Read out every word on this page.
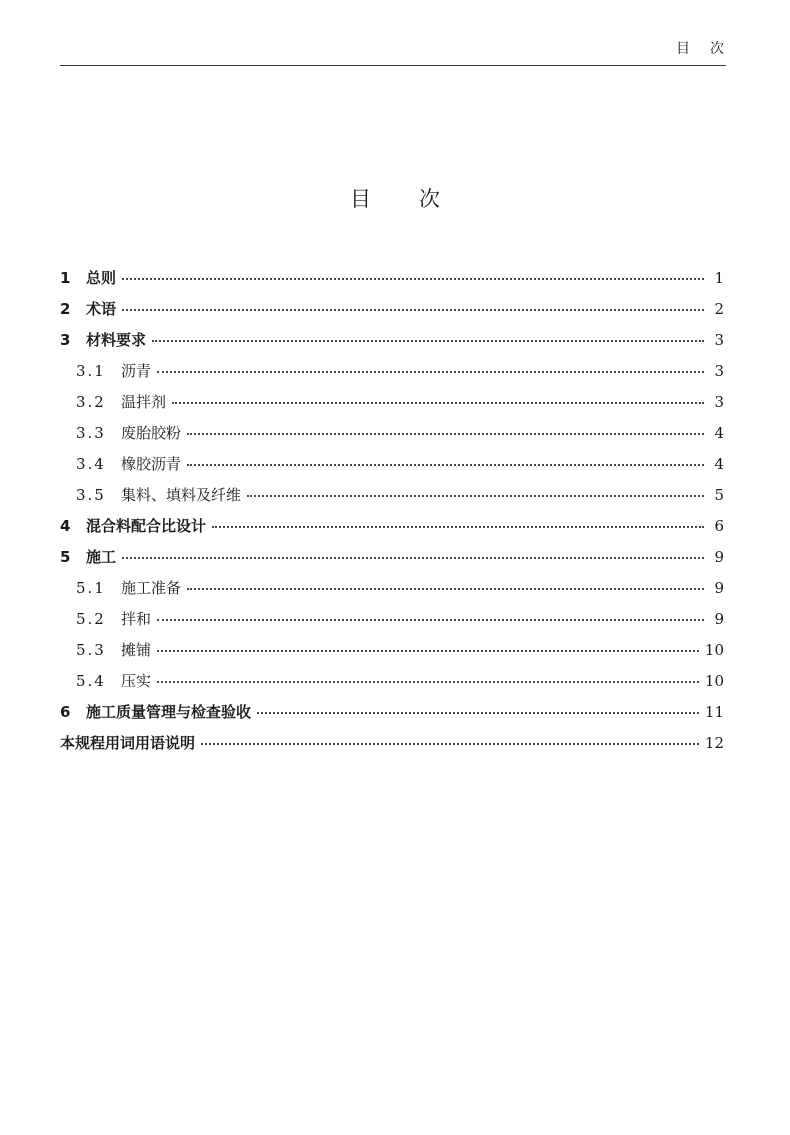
目次
目次
1	总则	1
2	术语	2
3	材料要求	3
3.1	沥青	3
3.2	温拌剂	3
3.3	废胎胶粉	4
3.4	橡胶沥青	4
3.5	集料、填料及纤维	5
4	混合料配合比设计	6
5	施工	9
5.1	施工准备	9
5.2	拌和	9
5.3	摊铺	10
5.4	压实	10
6	施工质量管理与检查验收	11
本规程用词用语说明	12
